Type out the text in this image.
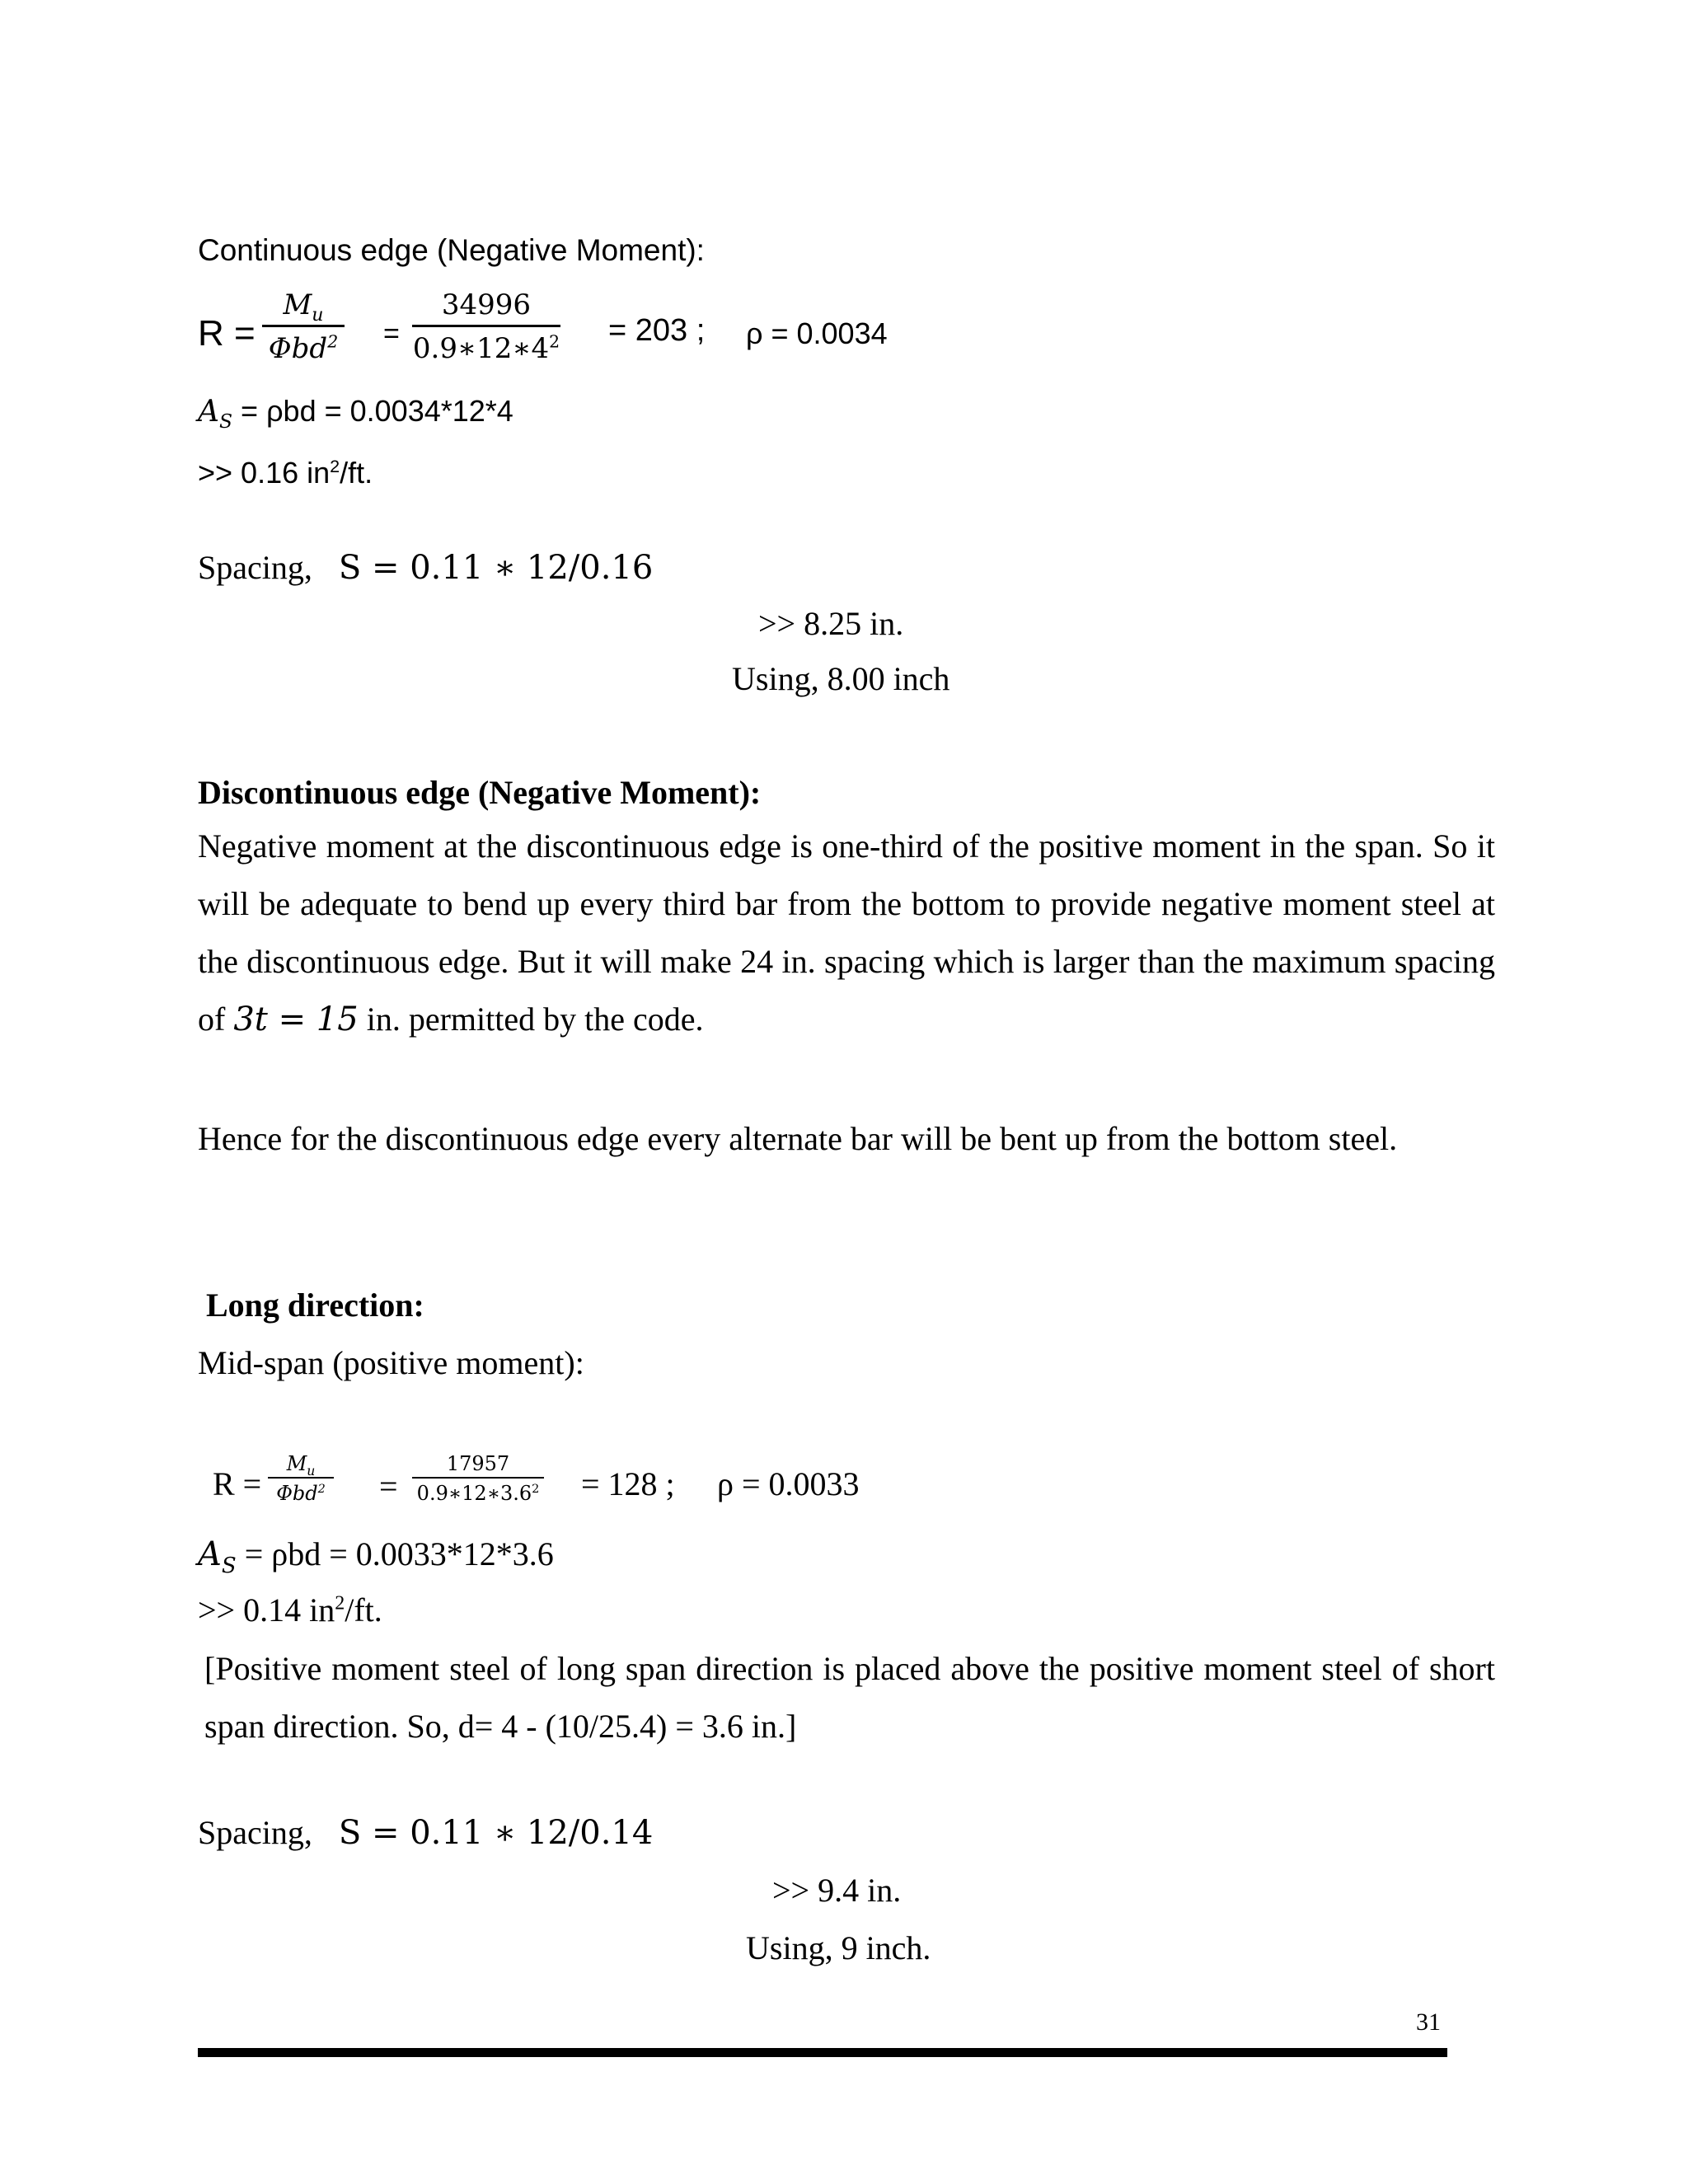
Continuous edge (Negative Moment):
R =
$M_u$
Φbd$^2$ =
34996
$0.9∗12∗4^2 = 203$ ; ρ = 0.0034
$A_S = \rho bd = 0.0034*12*4$
>> 0.16 $in^2/ft$.
Spacing, S = 0.11 ∗ 12/0.16
>> 8.25 in.
Using, 8.00 inch
Discontinuous edge (Negative Moment):
Negative moment at the discontinuous edge is one-third of the positive moment in the span. So it will be adequate to bend up every third bar from the bottom to provide negative moment steel at the discontinuous edge. But it will make 24 in. spacing which is larger than the maximum spacing of 3t = 15 in. permitted by the code.
Hence for the discontinuous edge every alternate bar will be bent up from the bottom steel.
Long direction:
Mid-span (positive moment):
R =
$M_u$
Φbd$^2$ =
17957
$0.9∗12∗3.6^2 = 128$ ; ρ = 0.0033
$A_S = \rho bd = 0.0033*12*3.6$
>> 0.14 $in^2/ft$.
[Positive moment steel of long span direction is placed above the positive moment steel of short span direction. So, d= 4 - (10/25.4) = 3.6 in.]
Spacing, S = 0.11 ∗ 12/0.14
>> 9.4 in.
Using, 9 inch.
31
